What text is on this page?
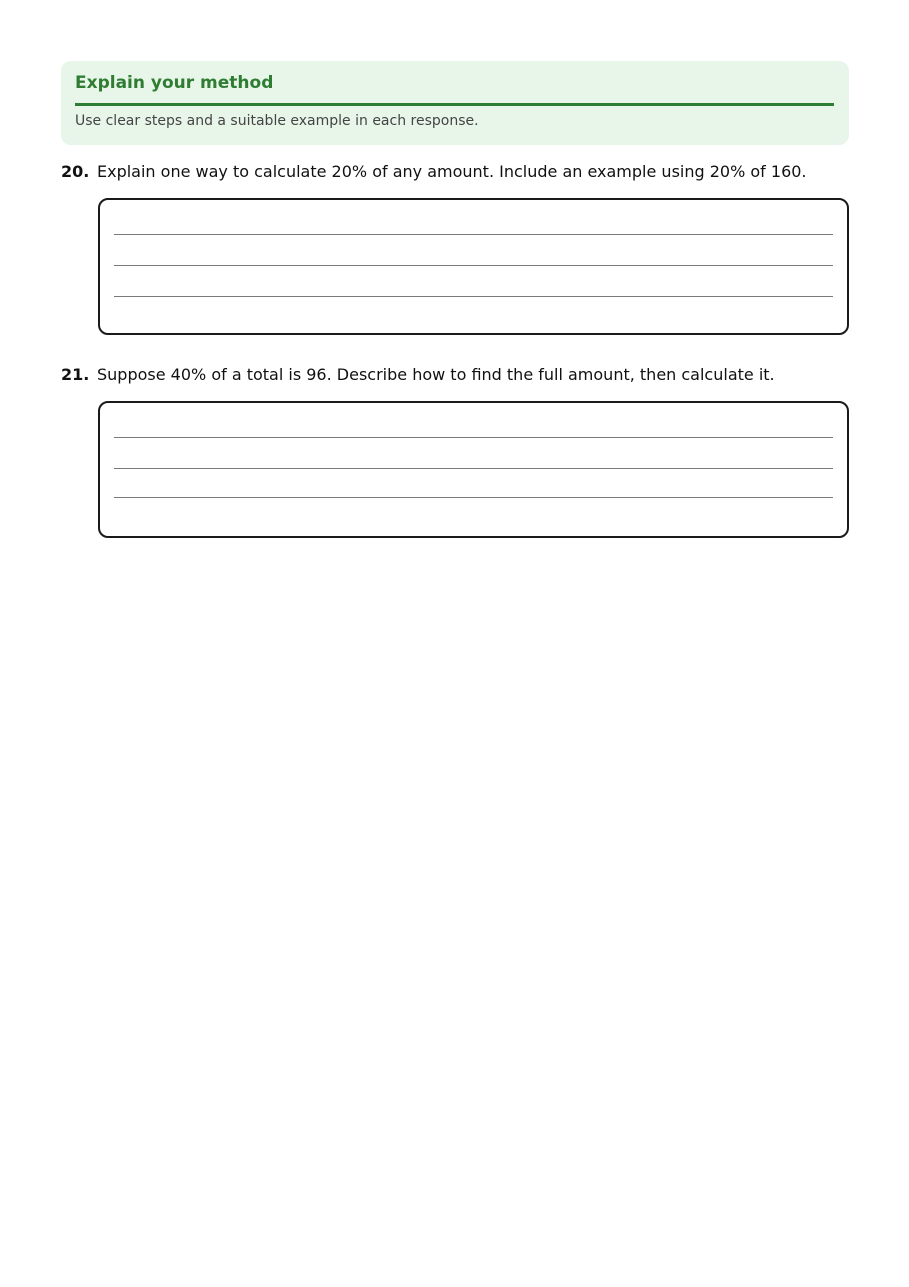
Explain your method
Use clear steps and a suitable example in each response.
20. Explain one way to calculate 20% of any amount. Include an example using 20% of 160.
21. Suppose 40% of a total is 96. Describe how to find the full amount, then calculate it.
